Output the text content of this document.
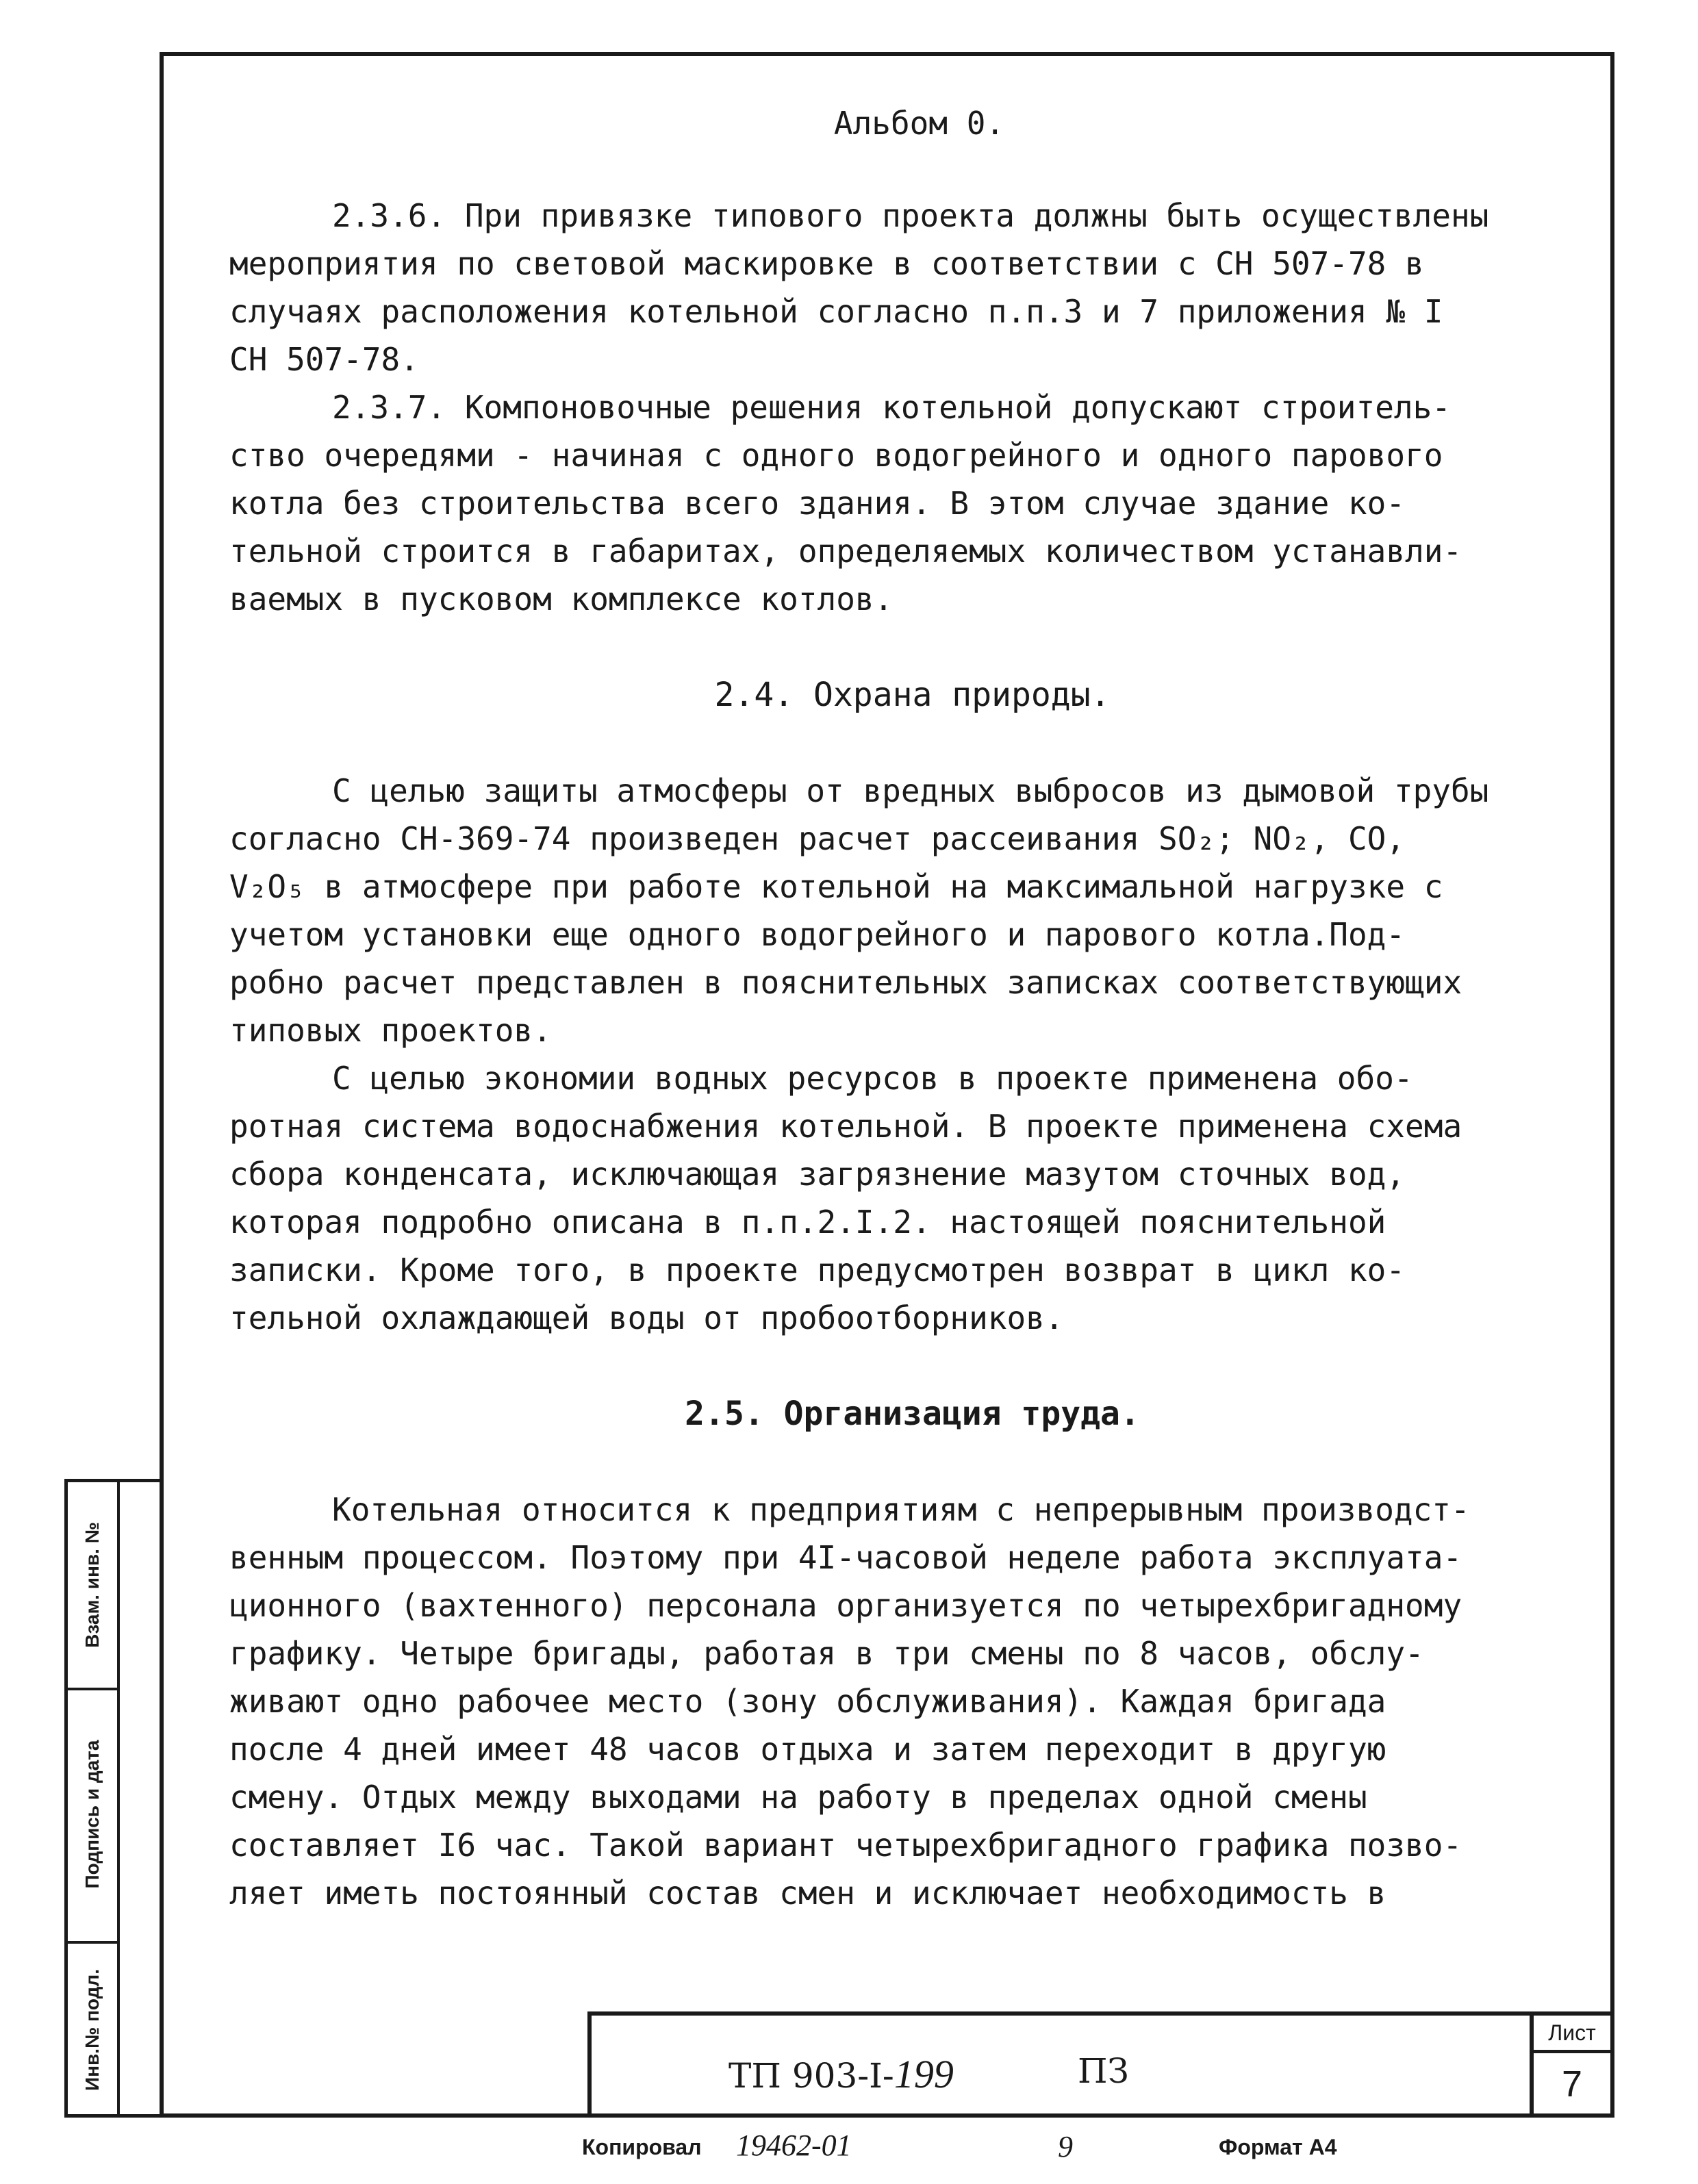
Альбом 0.

2.3.6. При привязке типового проекта должны быть осуществлены
мероприятия по световой маскировке в соответствии с СН 507-78 в
случаях расположения котельной согласно п.п.3 и 7 приложения № I
СН 507-78.

2.3.7. Компоновочные решения котельной допускают строитель-
ство очередями - начиная с одного водогрейного и одного парового
котла без строительства всего здания. В этом случае здание ко-
тельной строится в габаритах, определяемых количеством устанавли-
ваемых в пусковом комплексе котлов.

2.4. Охрана природы.

С целью защиты атмосферы от вредных выбросов из дымовой трубы
согласно СН-369-74 произведен расчет рассеивания SO₂; NO₂, CO,
V₂O₅ в атмосфере при работе котельной на максимальной нагрузке с
учетом установки еще одного водогрейного и парового котла.Под-
робно расчет представлен в пояснительных записках соответствующих
типовых проектов.

С целью экономии водных ресурсов в проекте применена обо-
ротная система водоснабжения котельной. В проекте применена схема
сбора конденсата, исключающая загрязнение мазутом сточных вод,
которая подробно описана в п.п.2.I.2. настоящей пояснительной
записки. Кроме того, в проекте предусмотрен возврат в цикл ко-
тельной охлаждающей воды от пробоотборников.

2.5. Организация труда.

Котельная относится к предприятиям с непрерывным производст-
венным процессом. Поэтому при 4I-часовой неделе работа эксплуата-
ционного (вахтенного) персонала организуется по четырехбригадному
графику. Четыре бригады, работая в три смены по 8 часов, обслу-
живают одно рабочее место (зону обслуживания). Каждая бригада
после 4 дней имеет 48 часов отдыха и затем переходит в другую
смену. Отдых между выходами на работу в пределах одной смены
составляет I6 час. Такой вариант четырехбригадного графика позво-
ляет иметь постоянный состав смен и исключает необходимость в

Взам. инв. №
Подпись и дата
Инв.№ подл.	ТП 903-I-199	ПЗ
Лист
7
Копировал 19462-01	9	Формат А4
